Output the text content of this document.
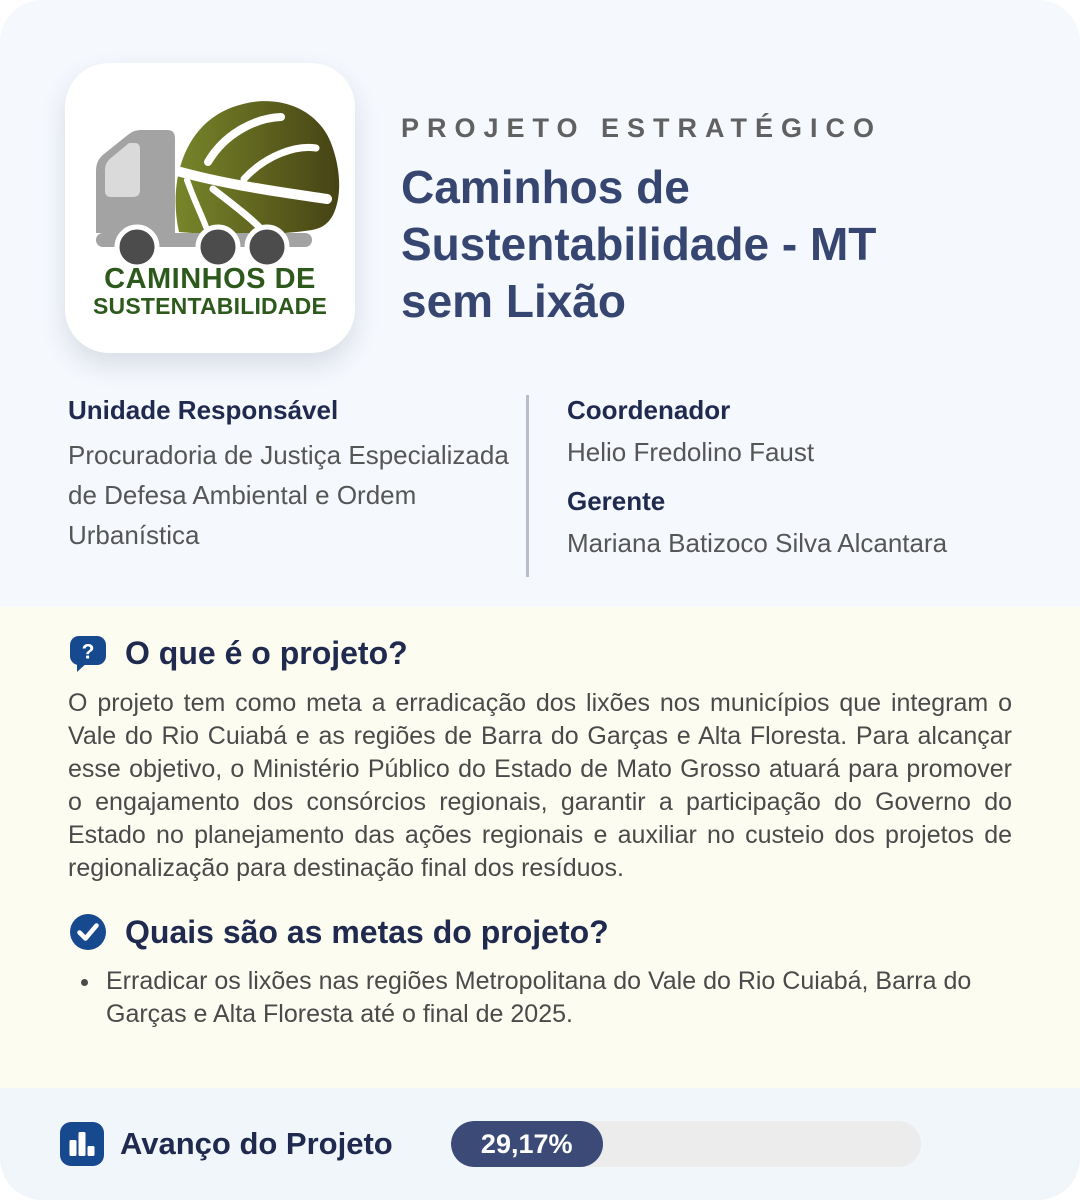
CAMINHOS DE
SUSTENTABILIDADE
PROJETO ESTRATÉGICO
Caminhos de Sustentabilidade - MT sem Lixão
Unidade Responsável
Procuradoria de Justiça Especializada de Defesa Ambiental e Ordem Urbanística
Coordenador
Helio Fredolino Faust
Gerente
Mariana Batizoco Silva Alcantara
? O que é o projeto?

O projeto tem como meta a erradicação dos lixões nos municípios que integram o Vale do Rio Cuiabá e as regiões de Barra do Garças e Alta Floresta. Para alcançar esse objetivo, o Ministério Público do Estado de Mato Grosso atuará para promover o engajamento dos consórcios regionais, garantir a participação do Governo do Estado no planejamento das ações regionais e auxiliar no custeio dos projetos de regionalização para destinação final dos resíduos.

Quais são as metas do projeto?
• Erradicar os lixões nas regiões Metropolitana do Vale do Rio Cuiabá, Barra do Garças e Alta Floresta até o final de 2025.
Avanço do Projeto	29,17%
